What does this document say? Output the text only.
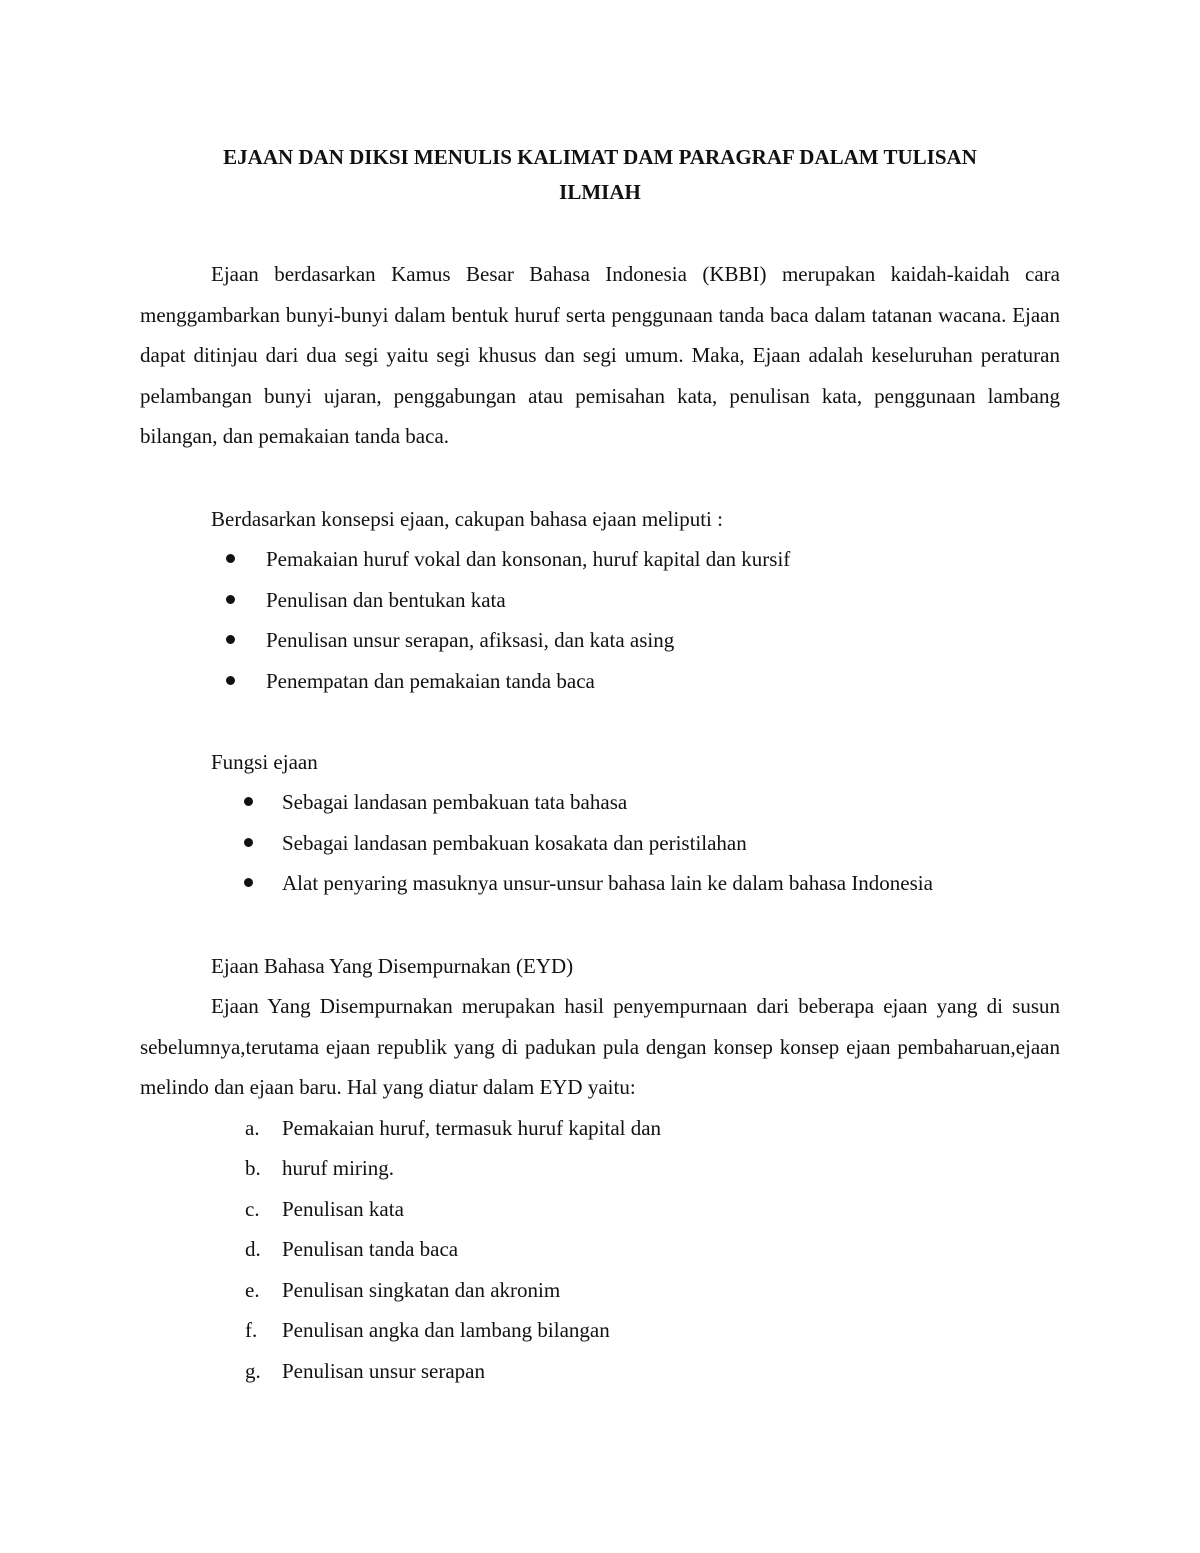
EJAAN DAN DIKSI MENULIS KALIMAT DAM PARAGRAF DALAM TULISAN
ILMIAH

Ejaan berdasarkan Kamus Besar Bahasa Indonesia (KBBI) merupakan kaidah-kaidah cara menggambarkan bunyi-bunyi dalam bentuk huruf serta penggunaan tanda baca dalam tatanan wacana. Ejaan dapat ditinjau dari dua segi yaitu segi khusus dan segi umum. Maka, Ejaan adalah keseluruhan peraturan pelambangan bunyi ujaran, penggabungan atau pemisahan kata, penulisan kata, penggunaan lambang bilangan, dan pemakaian tanda baca.

Berdasarkan konsepsi ejaan, cakupan bahasa ejaan meliputi :
Pemakaian huruf vokal dan konsonan, huruf kapital dan kursif
Penulisan dan bentukan kata
Penulisan unsur serapan, afiksasi, dan kata asing
Penempatan dan pemakaian tanda baca
Fungsi ejaan
Sebagai landasan pembakuan tata bahasa
Sebagai landasan pembakuan kosakata dan peristilahan
Alat penyaring masuknya unsur-unsur bahasa lain ke dalam bahasa Indonesia
Ejaan Bahasa Yang Disempurnakan (EYD)

Ejaan Yang Disempurnakan merupakan hasil penyempurnaan dari beberapa ejaan yang di susun sebelumnya,terutama ejaan republik yang di padukan pula dengan konsep konsep ejaan pembaharuan,ejaan melindo dan ejaan baru. Hal yang diatur dalam EYD yaitu:

a. Pemakaian huruf, termasuk huruf kapital dan
b. huruf miring.
c. Penulisan kata
d. Penulisan tanda baca
e. Penulisan singkatan dan akronim
f. Penulisan angka dan lambang bilangan
g. Penulisan unsur serapan
